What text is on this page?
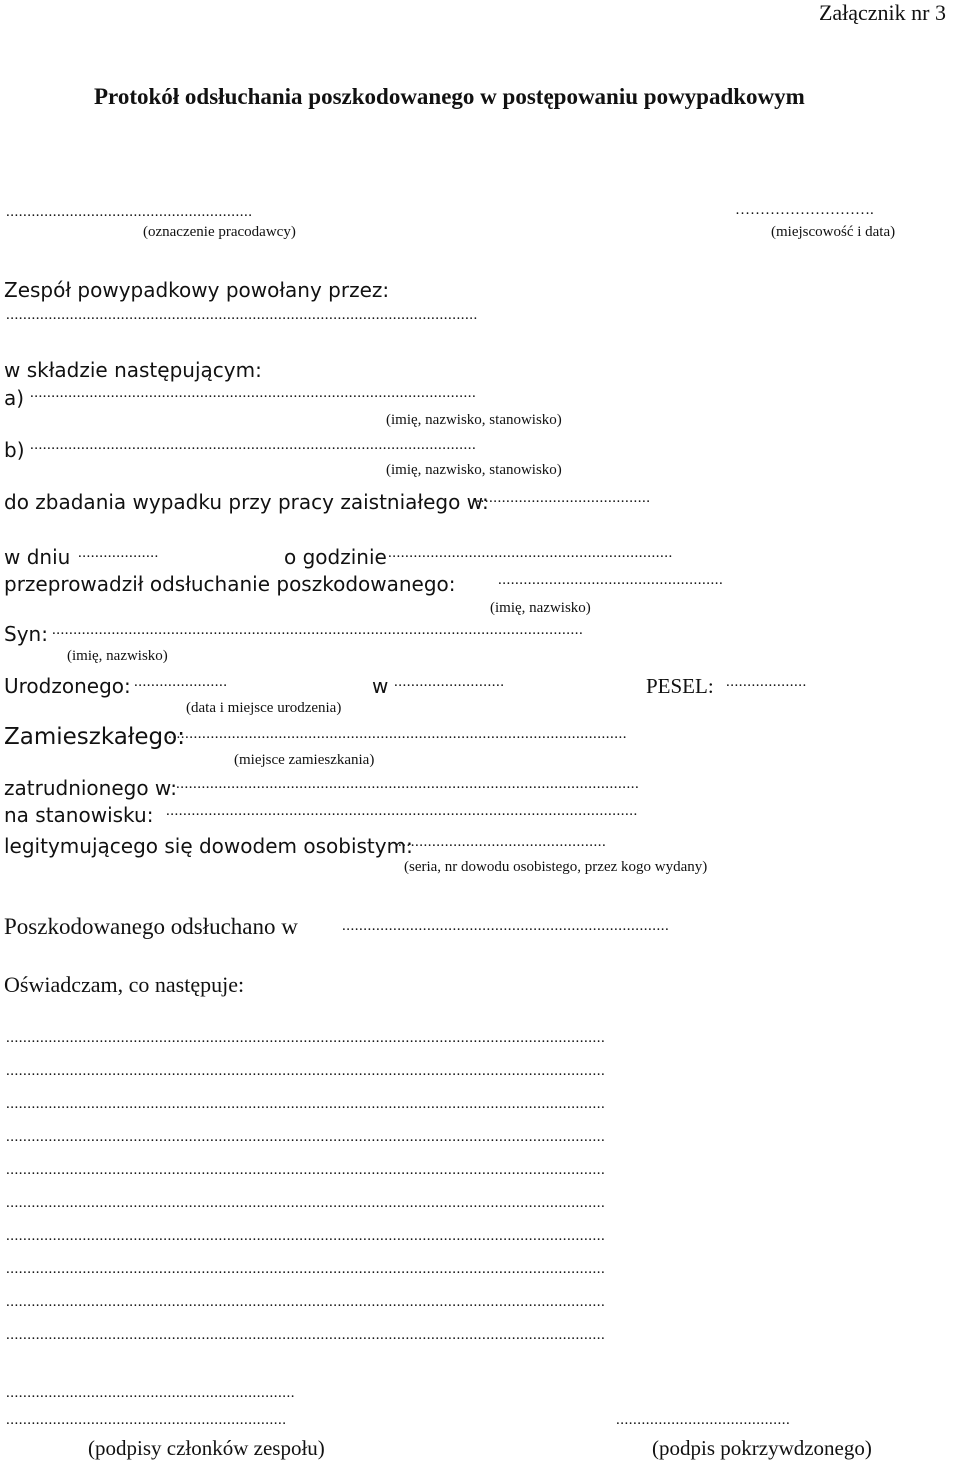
Załącznik nr 3
Protokół odsłuchania poszkodowanego w postępowaniu powypadkowym
..........................................................
(oznaczenie pracodawcy)
……………………….
(miejscowość i data)
Zespół powypadkowy powołany przez:
...............................................................................................................
w składzie następującym:
a) .........................................................................................................
(imię, nazwisko, stanowisko)
b) .........................................................................................................
(imię, nazwisko, stanowisko)
do zbadania wypadku przy pracy zaistniałego w:
..........................................
w dniu ...................	o godzinie ...................................................................
przeprowadził odsłuchanie poszkodowanego:	.....................................................
(imię, nazwisko)
Syn: .............................................................................................................................
(imię, nazwisko)
Urodzonego: ......................	w ..........................	PESEL: ...................
(data i miejsce urodzenia)
Zamieszkałego:
............................................................................................................
(miejsce zamieszkania)
zatrudnionego w: .............................................................................................................
na stanowisku: ...............................................................................................................
legitymującego się dowodem osobistym:
.................................................
(seria, nr dowodu osobistego, przez kogo wydany)
Poszkodowanego odsłuchano w	.............................................................................
Oświadczam, co następuje:
.............................................................................................................................................
.............................................................................................................................................
.............................................................................................................................................
.............................................................................................................................................
.............................................................................................................................................
.............................................................................................................................................
.............................................................................................................................................
.............................................................................................................................................
.............................................................................................................................................
.............................................................................................................................................
....................................................................
..................................................................	.........................................
(podpisy członków zespołu)	(podpis pokrzywdzonego)
